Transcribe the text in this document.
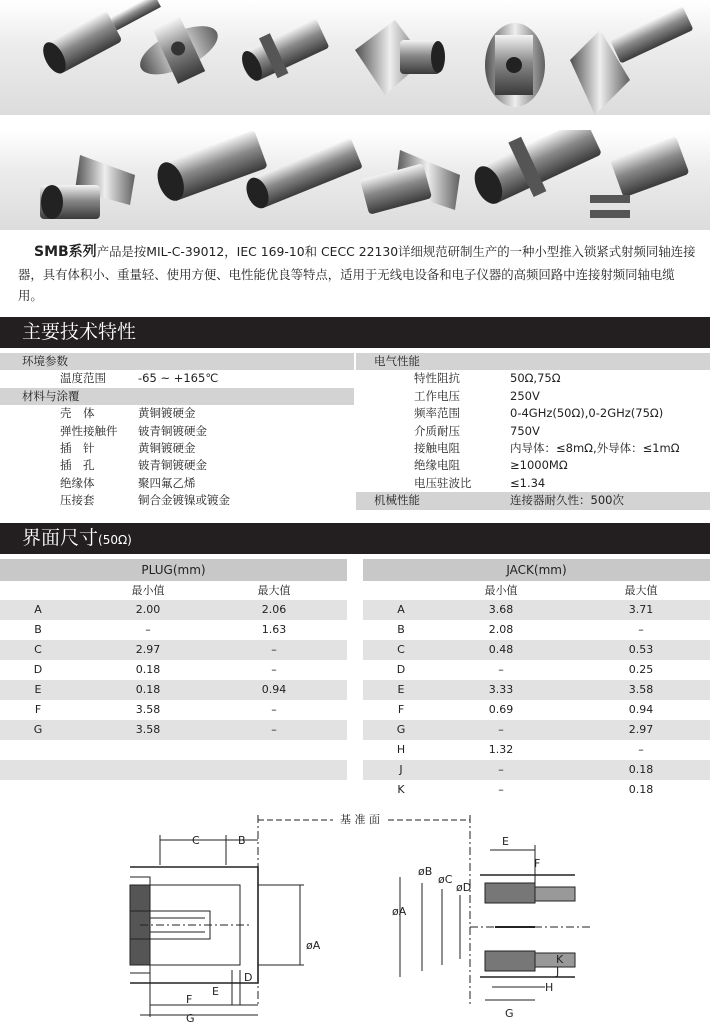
SMB系列产品是按MIL-C-39012，IEC 169-10和 CECC 22130详细规范研制生产的一种小型推入锁紧式射频同轴连接器，具有体积小、重量轻、使用方便、电性能优良等特点，适用于无线电设备和电子仪器的高频回路中连接射频同轴电缆用。

主要技术特性
环境参数
温度范围	-65 ~ +165℃
材料与涂覆
壳　体	黄铜镀硬金
弹性接触件 铍青铜镀硬金
插　针	黄铜镀硬金
插　孔	铍青铜镀硬金
绝缘体	聚四氟乙烯
压接套	铜合金镀镍或镀金
电气性能
特性阻抗	50Ω,75Ω
工作电压	250V
频率范围	0-4GHz(50Ω),0-2GHz(75Ω)
介质耐压	750V
接触电阻	内导体：≤8mΩ,外导体：≤1mΩ
绝缘电阻	≥1000MΩ
电压驻波比	≤1.34
机械性能	连接器耐久性：500次
界面尺寸(50Ω)
PLUG(mm)
最小值	最大值
A	2.00	2.06
B	–	1.63
C	2.97	–
D	0.18	–
E	0.18	0.94
F	3.58	–
G	3.58	–
JACK(mm)
最小值	最大值
A	3.68	3.71
B	2.08	–
C	0.48	0.53
D	–	0.25
E	3.33	3.58
F	0.69	0.94
G	–	2.97
H	1.32	–
J	–	0.18
K	–	0.18
基 准 面
C	B
øA
D
E
F
G
øA
øB
øC
øD
E
F
K
J
H
G
